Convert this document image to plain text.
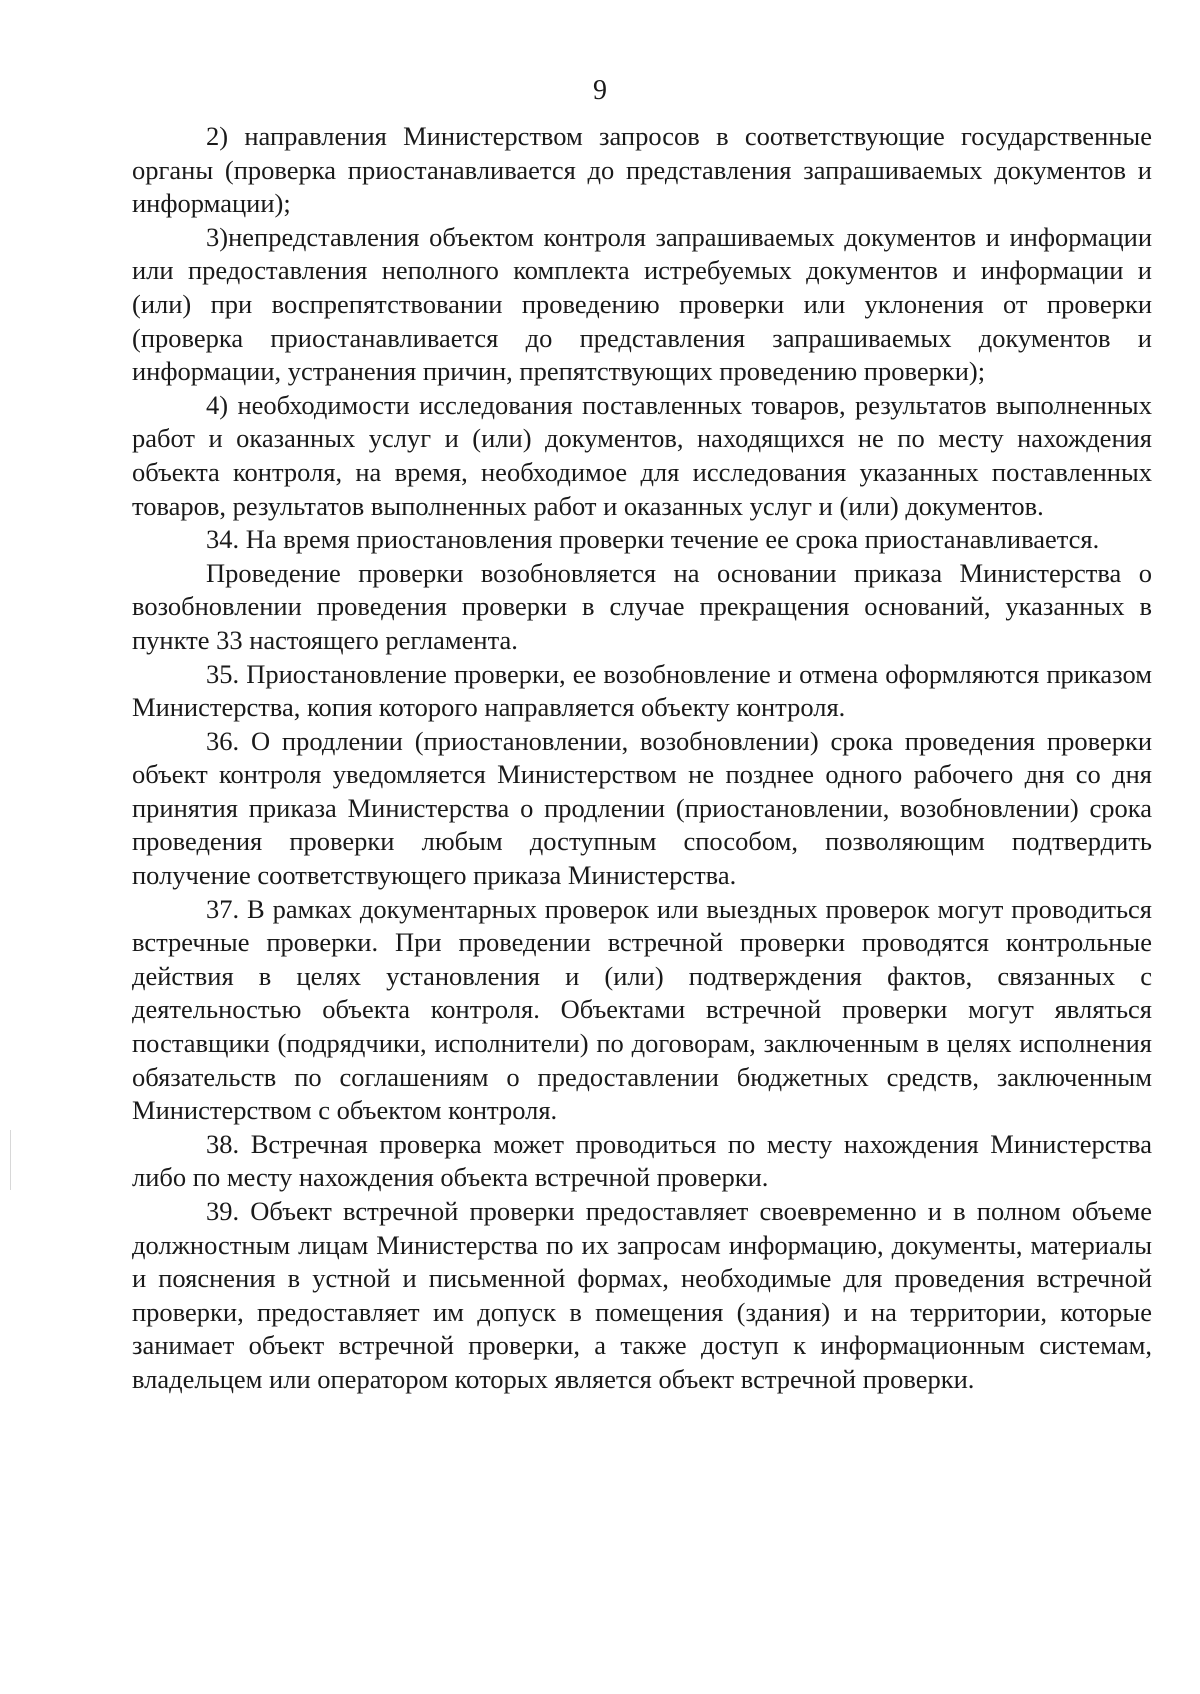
9

2) направления Министерством запросов в соответствующие государственные органы (проверка приостанавливается до представления запрашиваемых документов и информации);

3)непредставления объектом контроля запрашиваемых документов и информации или предоставления неполного комплекта истребуемых документов и информации и (или) при воспрепятствовании проведению проверки или уклонения от проверки (проверка приостанавливается до представления запрашиваемых документов и информации, устранения причин, препятствующих проведению проверки);

4) необходимости исследования поставленных товаров, результатов выполненных работ и оказанных услуг и (или) документов, находящихся не по месту нахождения объекта контроля, на время, необходимое для исследования указанных поставленных товаров, результатов выполненных работ и оказанных услуг и (или) документов.

34. На время приостановления проверки течение ее срока приостанавливается.

Проведение проверки возобновляется на основании приказа Министерства о возобновлении проведения проверки в случае прекращения оснований, указанных в пункте 33 настоящего регламента.

35. Приостановление проверки, ее возобновление и отмена оформляются приказом Министерства, копия которого направляется объекту контроля.

36. О продлении (приостановлении, возобновлении) срока проведения проверки объект контроля уведомляется Министерством не позднее одного рабочего дня со дня принятия приказа Министерства о продлении (приостановлении, возобновлении) срока проведения проверки любым доступным способом, позволяющим подтвердить получение соответствующего приказа Министерства.

37. В рамках документарных проверок или выездных проверок могут проводиться встречные проверки. При проведении встречной проверки проводятся контрольные действия в целях установления и (или) подтверждения фактов, связанных с деятельностью объекта контроля. Объектами встречной проверки могут являться поставщики (подрядчики, исполнители) по договорам, заключенным в целях исполнения обязательств по соглашениям о предоставлении бюджетных средств, заключенным Министерством с объектом контроля.

38. Встречная проверка может проводиться по месту нахождения Министерства либо по месту нахождения объекта встречной проверки.

39. Объект встречной проверки предоставляет своевременно и в полном объеме должностным лицам Министерства по их запросам информацию, документы, материалы и пояснения в устной и письменной формах, необходимые для проведения встречной проверки, предоставляет им допуск в помещения (здания) и на территории, которые занимает объект встречной проверки, а также доступ к информационным системам, владельцем или оператором которых является объект встречной проверки.
